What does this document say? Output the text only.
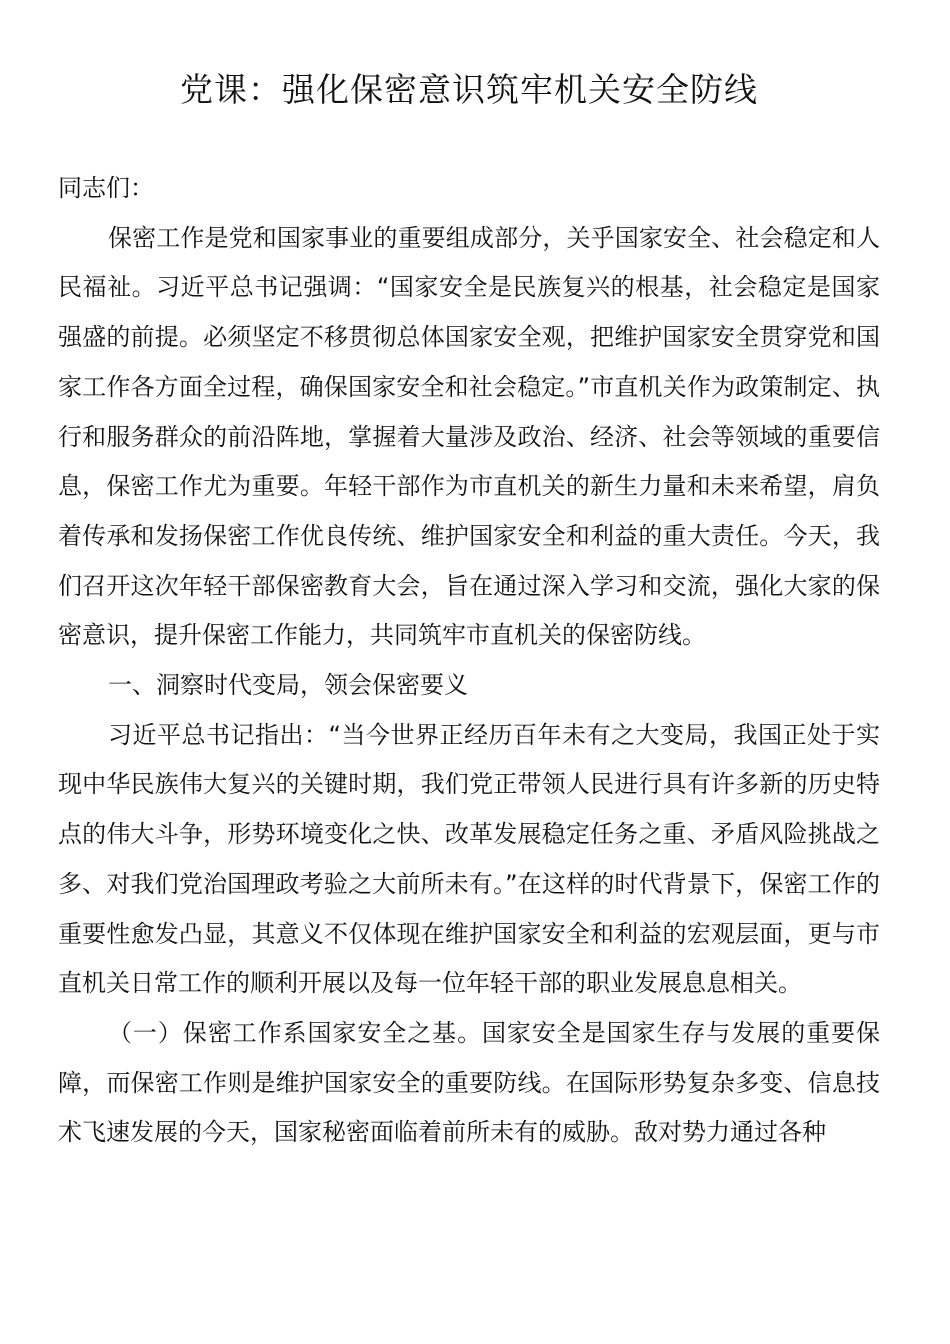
党课：强化保密意识筑牢机关安全防线

同志们：

保密工作是党和国家事业的重要组成部分，关乎国家安全、社会稳定和人民福祉。习近平总书记强调：“国家安全是民族复兴的根基，社会稳定是国家强盛的前提。必须坚定不移贯彻总体国家安全观，把维护国家安全贯穿党和国家工作各方面全过程，确保国家安全和社会稳定。”市直机关作为政策制定、执行和服务群众的前沿阵地，掌握着大量涉及政治、经济、社会等领域的重要信息，保密工作尤为重要。年轻干部作为市直机关的新生力量和未来希望，肩负着传承和发扬保密工作优良传统、维护国家安全和利益的重大责任。今天，我们召开这次年轻干部保密教育大会，旨在通过深入学习和交流，强化大家的保密意识，提升保密工作能力，共同筑牢市直机关的保密防线。

一、洞察时代变局，领会保密要义

习近平总书记指出：“当今世界正经历百年未有之大变局，我国正处于实现中华民族伟大复兴的关键时期，我们党正带领人民进行具有许多新的历史特点的伟大斗争，形势环境变化之快、改革发展稳定任务之重、矛盾风险挑战之多、对我们党治国理政考验之大前所未有。”在这样的时代背景下，保密工作的重要性愈发凸显，其意义不仅体现在维护国家安全和利益的宏观层面，更与市直机关日常工作的顺利开展以及每一位年轻干部的职业发展息息相关。

（一）保密工作系国家安全之基。国家安全是国家生存与发展的重要保障，而保密工作则是维护国家安全的重要防线。在国际形势复杂多变、信息技术飞速发展的今天，国家秘密面临着前所未有的威胁。敌对势力通过各种
